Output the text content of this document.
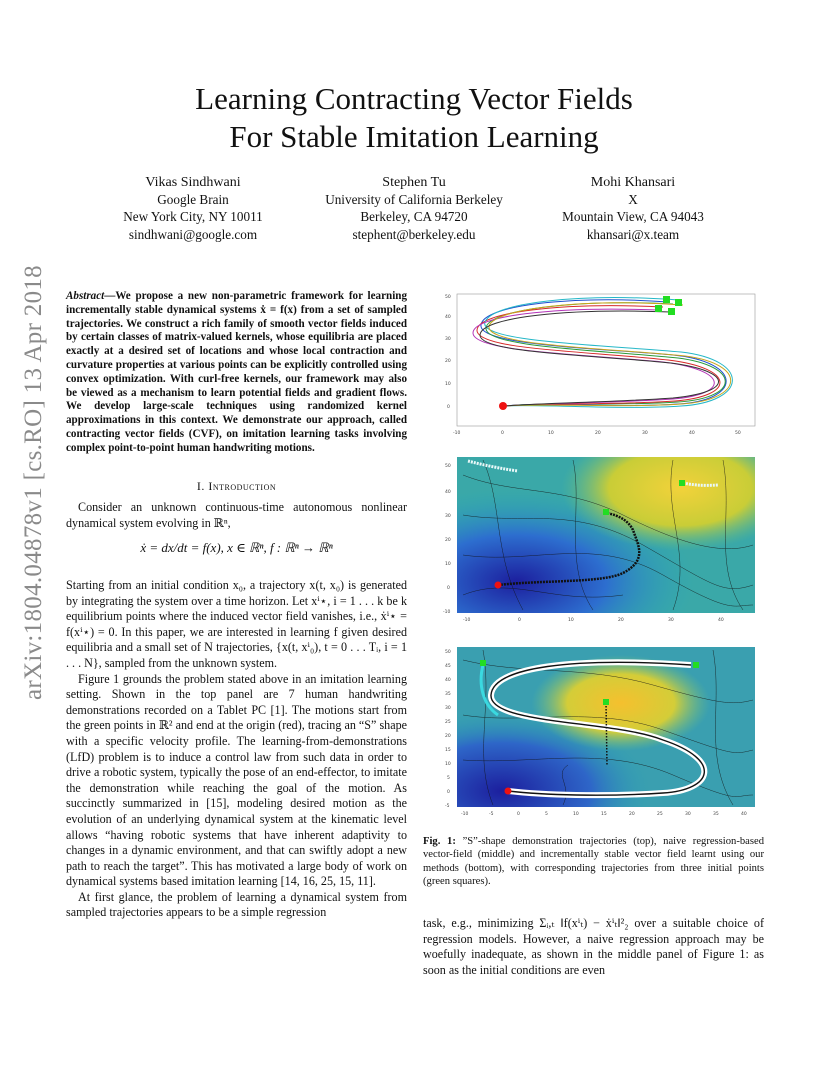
Learning Contracting Vector Fields
For Stable Imitation Learning
Vikas Sindhwani
Google Brain
New York City, NY 10011
sindhwani@google.com
Stephen Tu
University of California Berkeley
Berkeley, CA 94720
stephent@berkeley.edu
Mohi Khansari
X
Mountain View, CA 94043
khansari@x.team
arXiv:1804.04878v1 [cs.RO] 13 Apr 2018 Abstract—We propose a new non-parametric framework for learning incrementally stable dynamical systems ẋ = f(x) from a set of sampled trajectories. We construct a rich family of smooth vector fields induced by certain classes of matrix-valued kernels, whose equilibria are placed exactly at a desired set of locations and whose local contraction and curvature properties at various points can be explicitly controlled using convex optimization. With curl-free kernels, our framework may also be viewed as a mechanism to learn potential fields and gradient flows. We develop large-scale techniques using randomized kernel approximations in this context. We demonstrate our approach, called contracting vector fields (CVF), on imitation learning tasks involving complex point-to-point human handwriting motions.
I. Introduction

Consider an unknown continuous-time autonomous nonlinear dynamical system evolving in ℝⁿ,

ẋ = dx/dt = f(x), x ∈ ℝⁿ, f : ℝⁿ → ℝⁿ

Starting from an initial condition x₀, a trajectory x(t, x₀) is generated by integrating the system over a time horizon. Let xⁱ⋆, i = 1 . . . k be k equilibrium points where the induced vector field vanishes, i.e., ẋⁱ⋆ = f(xⁱ⋆) = 0. In this paper, we are interested in learning f given desired equilibria and a small set of N trajectories, {x(t, xⁱ₀), t = 0 . . . Tᵢ, i = 1 . . . N}, sampled from the unknown system.

Figure 1 grounds the problem stated above in an imitation learning setting. Shown in the top panel are 7 human handwriting demonstrations recorded on a Tablet PC [1]. The motions start from the green points in ℝ² and end at the origin (red), tracing an “S” shape with a specific velocity profile. The learning-from-demonstrations (LfD) problem is to induce a control law from such data in order to drive a robotic system, typically the pose of an end-effector, to imitate the demonstration while reaching the goal of the motion. As succinctly summarized in [15], modeling desired motion as the evolution of an underlying dynamical system at the kinematic level allows “having robotic systems that have inherent adaptivity to changes in a dynamic environment, and that can swiftly adopt a new path to reach the target”. This has motivated a large body of work on dynamical systems based imitation learning [14, 16, 25, 15, 11].

At first glance, the problem of learning a dynamical system from sampled trajectories appears to be a simple regression

-10	0	10	20	30	40	50
0
10
20
30
40
50
-10	0	10	20	30	40
-10
0
10
20
30
40
50
-10	-5	0	5	10	15	20	25	30	35	40
-5
0
5
10
15
20
25
30
35
40
45
50
Fig. 1: ”S”-shape demonstration trajectories (top), naive regression-based vector-field (middle) and incrementally stable vector field learnt using our methods (bottom), with corresponding trajectories from three initial points (green squares).

task, e.g., minimizing Σᵢ,ₜ ‖f(xⁱₜ) − ẋⁱₜ‖²₂ over a suitable choice of regression models. However, a naive regression approach may be woefully inadequate, as shown in the middle panel of Figure 1: as soon as the initial conditions are even
